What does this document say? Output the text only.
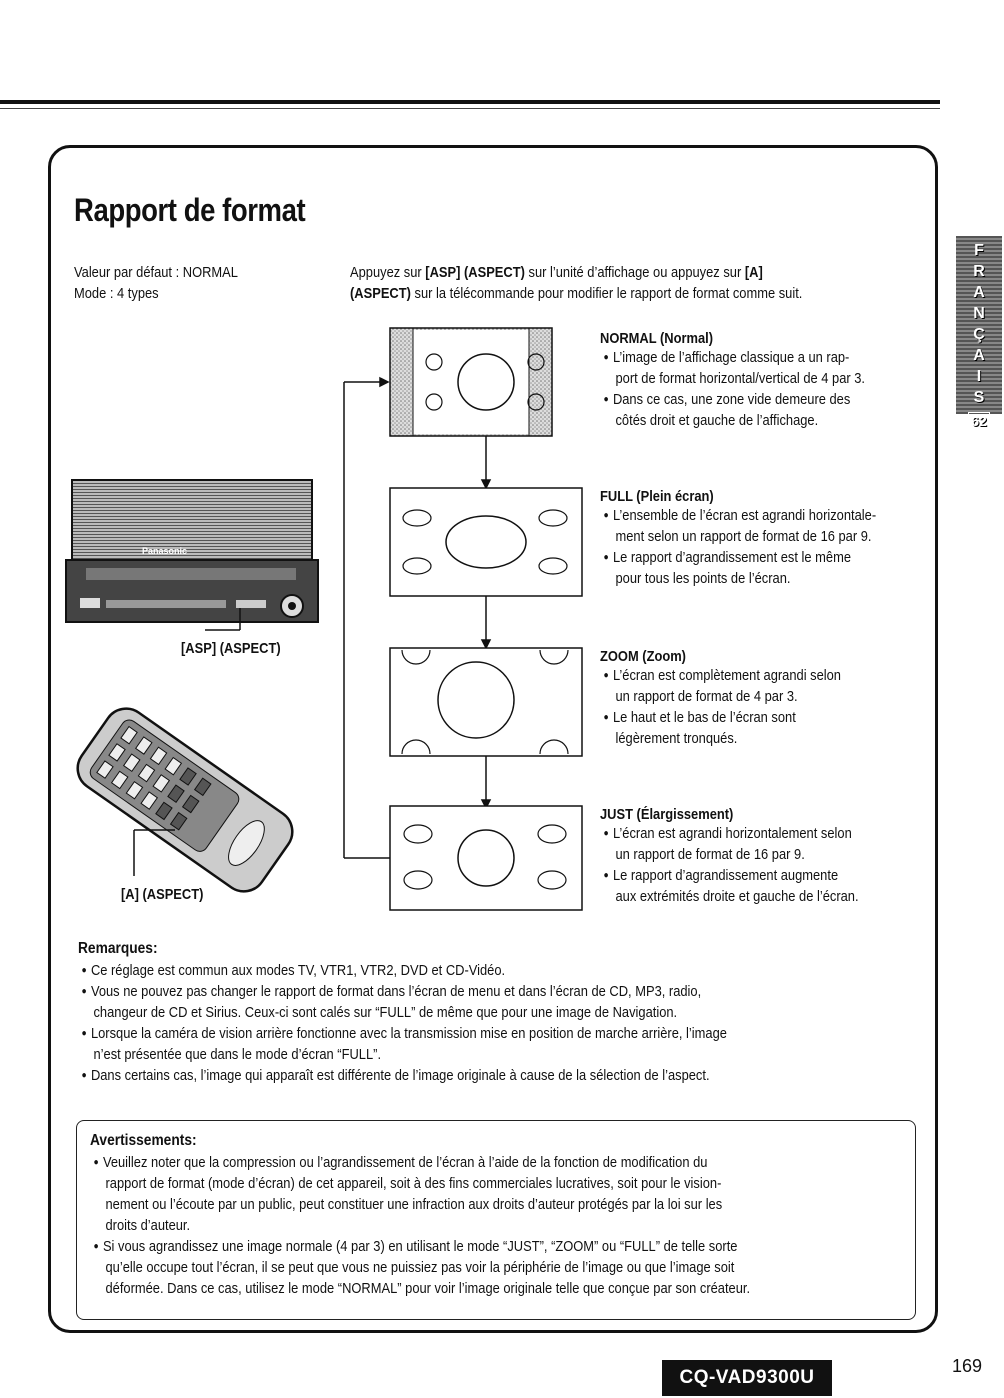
Rapport de format
Valeur par défaut : NORMAL
Mode : 4 types
Appuyez sur [ASP] (ASPECT) sur l’unité d’affichage ou appuyez sur [A]
(ASPECT) sur la télécommande pour modifier le rapport de format comme suit.
F
R
A
N
Ç
A
I
S
62
Panasonic
[ASP] (ASPECT)
[A] (ASPECT)
NORMAL (Normal)
● L’image de l’affichage classique a un rap-
port de format horizontal/vertical de 4 par 3.
● Dans ce cas, une zone vide demeure des
côtés droit et gauche de l’affichage.
FULL (Plein écran)
● L’ensemble de l’écran est agrandi horizontale-
ment selon un rapport de format de 16 par 9.
● Le rapport d’agrandissement est le même
pour tous les points de l’écran.
ZOOM (Zoom)
● L’écran est complètement agrandi selon
un rapport de format de 4 par 3.
● Le haut et le bas de l’écran sont
légèrement tronqués.
JUST (Élargissement)
● L’écran est agrandi horizontalement selon
un rapport de format de 16 par 9.
● Le rapport d’agrandissement augmente
aux extrémités droite et gauche de l’écran.
Remarques:
● Ce réglage est commun aux modes TV, VTR1, VTR2, DVD et CD-Vidéo.
● Vous ne pouvez pas changer le rapport de format dans l’écran de menu et dans l’écran de CD, MP3, radio,
changeur de CD et Sirius. Ceux-ci sont calés sur “FULL” de même que pour une image de Navigation.
● Lorsque la caméra de vision arrière fonctionne avec la transmission mise en position de marche arrière, l’image
n’est présentée que dans le mode d’écran “FULL”.
● Dans certains cas, l’image qui apparaît est différente de l’image originale à cause de la sélection de l’aspect.
Avertissements:
● Veuillez noter que la compression ou l’agrandissement de l’écran à l’aide de la fonction de modification du
rapport de format (mode d’écran) de cet appareil, soit à des fins commerciales lucratives, soit pour le vision-
nement ou l’écoute par un public, peut constituer une infraction aux droits d’auteur protégés par la loi sur les
droits d’auteur.
● Si vous agrandissez une image normale (4 par 3) en utilisant le mode “JUST”, “ZOOM” ou “FULL” de telle sorte
qu’elle occupe tout l’écran, il se peut que vous ne puissiez pas voir la périphérie de l’image ou que l’image soit
déformée. Dans ce cas, utilisez le mode “NORMAL” pour voir l’image originale telle que conçue par son créateur.
CQ-VAD9300U
169
